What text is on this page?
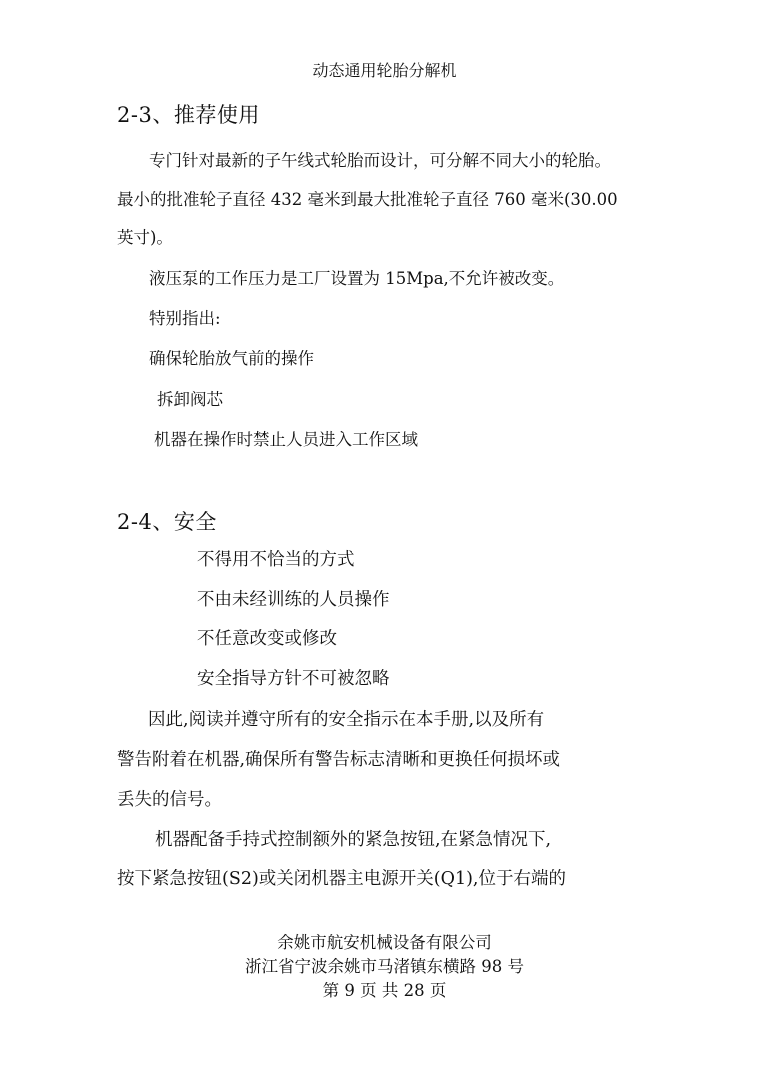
动态通用轮胎分解机
2-3、推荐使用
专门针对最新的子午线式轮胎而设计，可分解不同大小的轮胎。
最小的批准轮子直径 432 毫米到最大批准轮子直径 760 毫米(30.00
英寸)。
液压泵的工作压力是工厂设置为 15Mpa,不允许被改变。
特别指出:
确保轮胎放气前的操作
拆卸阀芯
机器在操作时禁止人员进入工作区域
2-4、安全
不得用不恰当的方式
不由未经训练的人员操作
不任意改变或修改
安全指导方针不可被忽略
因此,阅读并遵守所有的安全指示在本手册,以及所有
警告附着在机器,确保所有警告标志清晰和更换任何损坏或
丢失的信号。
机器配备手持式控制额外的紧急按钮,在紧急情况下,
按下紧急按钮(S2)或关闭机器主电源开关(Q1),位于右端的
余姚市航安机械设备有限公司
浙江省宁波余姚市马渚镇东横路 98 号
第 9 页 共 28 页
